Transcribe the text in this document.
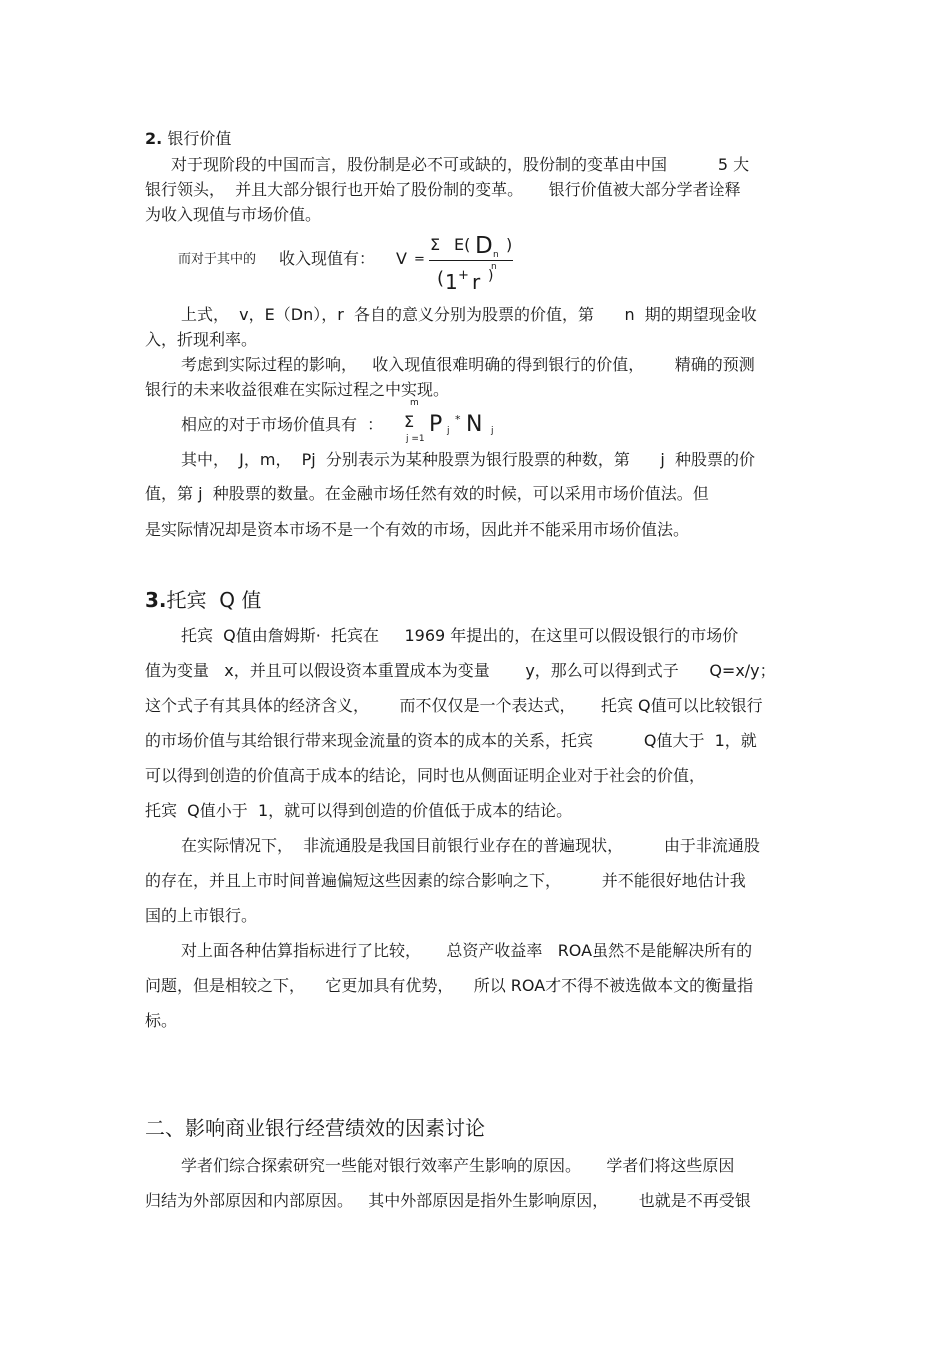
2. 银行价值
对于现阶段的中国而言，股份制是必不可或缺的，股份制的变革由中国          5 大
银行领头，  并且大部分银行也开始了股份制的变革。     银行价值被大部分学者诠释
为收入现值与市场价值。
而对于其中的 收入现值有： V =
Σ E( D n
)
n
( 1 + r )
上式，  v，E（Dn），r  各自的意义分别为股票的价值，第      n  期的期望现金收
入，折现利率。
考虑到实际过程的影响，   收入现值很难明确的得到银行的价值，      精确的预测
银行的未来收益很难在实际过程之中实现。
相应的对于市场价值具有  ：
m
Σ
j =1
P j
* N j
其中，  J，m，  Pj  分别表示为某种股票为银行股票的种数，第      j  种股票的价
值，第 j  种股票的数量。在金融市场任然有效的时候，可以采用市场价值法。但
是实际情况却是资本市场不是一个有效的市场，因此并不能采用市场价值法。
3.托宾  Q 值
托宾  Q值由詹姆斯·  托宾在     1969 年提出的，在这里可以假设银行的市场价
值为变量   x，并且可以假设资本重置成本为变量       y，那么可以得到式子      Q=x/y；
这个式子有其具体的经济含义，      而不仅仅是一个表达式，     托宾 Q值可以比较银行
的市场价值与其给银行带来现金流量的资本的成本的关系，托宾          Q值大于  1，就
可以得到创造的价值高于成本的结论，同时也从侧面证明企业对于社会的价值，
托宾  Q值小于  1，就可以得到创造的价值低于成本的结论。
在实际情况下，  非流通股是我国目前银行业存在的普遍现状，        由于非流通股
的存在，并且上市时间普遍偏短这些因素的综合影响之下，        并不能很好地估计我
国的上市银行。
对上面各种估算指标进行了比较，     总资产收益率   ROA虽然不是能解决所有的
问题，但是相较之下，    它更加具有优势，    所以 ROA才不得不被选做本文的衡量指
标。
二、影响商业银行经营绩效的因素讨论
学者们综合探索研究一些能对银行效率产生影响的原因。     学者们将这些原因
归结为外部原因和内部原因。   其中外部原因是指外生影响原因，      也就是不再受银
